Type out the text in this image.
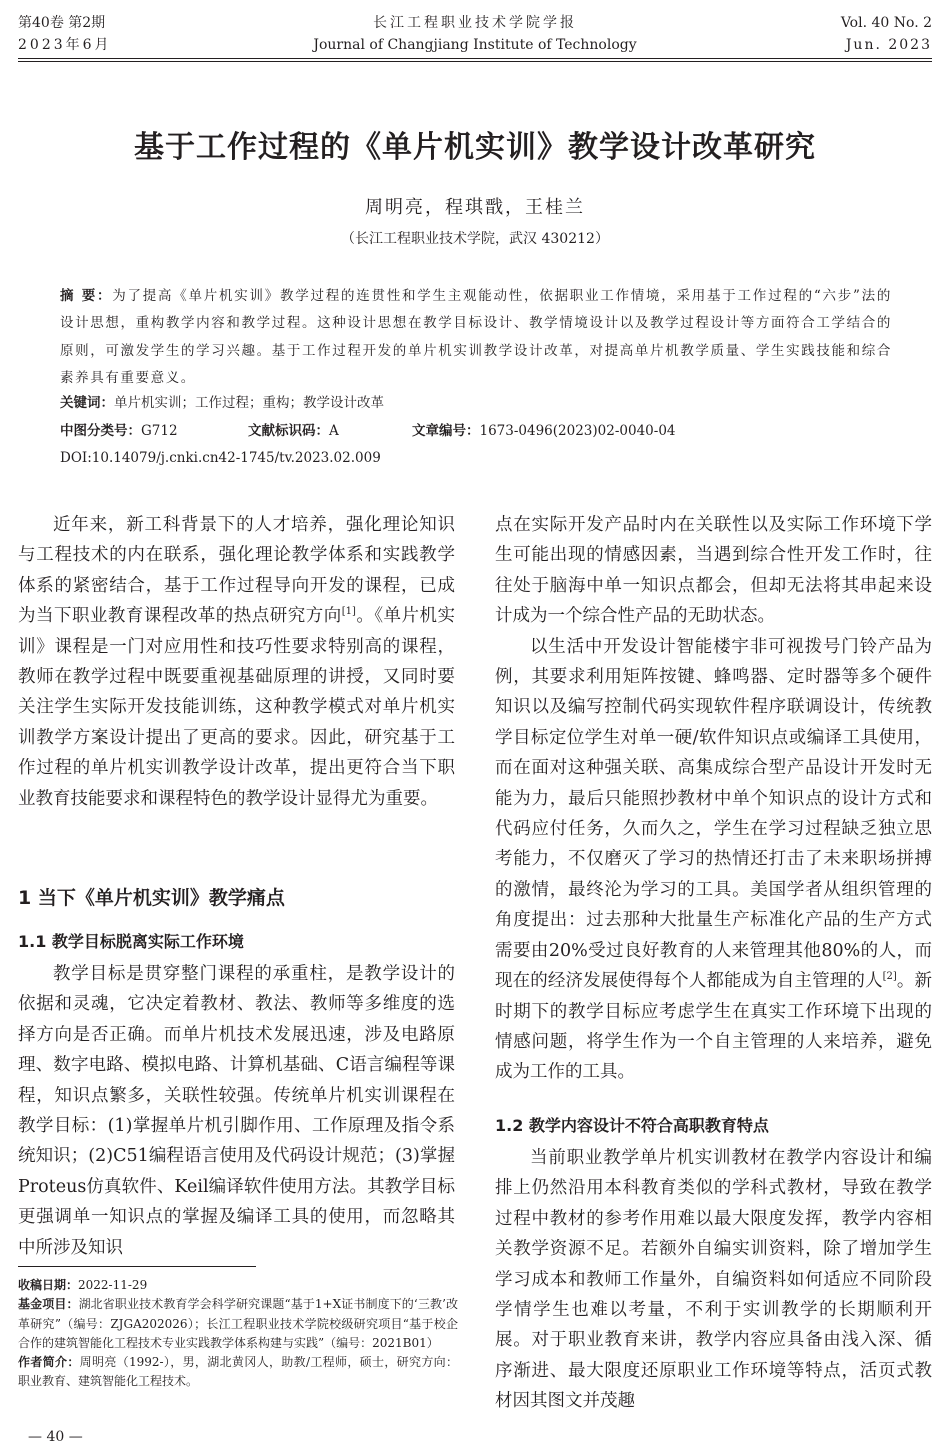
第40卷 第2期
2023年6月
长江工程职业技术学院学报
Journal of Changjiang Institute of Technology
Vol. 40 No. 2
Jun. 2023
基于工作过程的《单片机实训》教学设计改革研究
周明亮，程琪戬，王桂兰
（长江工程职业技术学院，武汉 430212）
摘 要：为了提高《单片机实训》教学过程的连贯性和学生主观能动性，依据职业工作情境，采用基于工作过程的“六步”法的设计思想，重构教学内容和教学过程。这种设计思想在教学目标设计、教学情境设计以及教学过程设计等方面符合工学结合的原则，可激发学生的学习兴趣。基于工作过程开发的单片机实训教学设计改革，对提高单片机教学质量、学生实践技能和综合素养具有重要意义。
关键词：单片机实训；工作过程；重构；教学设计改革
中图分类号：G712	文献标识码：A	文章编号：1673-0496(2023)02-0040-04
DOI:10.14079/j.cnki.cn42-1745/tv.2023.02.009

近年来，新工科背景下的人才培养，强化理论知识与工程技术的内在联系，强化理论教学体系和实践教学体系的紧密结合，基于工作过程导向开发的课程，已成为当下职业教育课程改革的热点研究方向[1]。《单片机实训》课程是一门对应用性和技巧性要求特别高的课程，教师在教学过程中既要重视基础原理的讲授，又同时要关注学生实际开发技能训练，这种教学模式对单片机实训教学方案设计提出了更高的要求。因此，研究基于工作过程的单片机实训教学设计改革，提出更符合当下职业教育技能要求和课程特色的教学设计显得尤为重要。

1 当下《单片机实训》教学痛点
1.1 教学目标脱离实际工作环境

教学目标是贯穿整门课程的承重柱，是教学设计的依据和灵魂，它决定着教材、教法、教师等多维度的选择方向是否正确。而单片机技术发展迅速，涉及电路原理、数字电路、模拟电路、计算机基础、C语言编程等课程，知识点繁多，关联性较强。传统单片机实训课程在教学目标：(1)掌握单片机引脚作用、工作原理及指令系统知识；(2)C51编程语言使用及代码设计规范；(3)掌握Proteus仿真软件、Keil编译软件使用方法。其教学目标更强调单一知识点的掌握及编译工具的使用，而忽略其中所涉及知识

收稿日期：2022-11-29

基金项目：湖北省职业技术教育学会科学研究课题“基于1+X证书制度下的‘三教’改革研究”（编号：ZJGA202026）；长江工程职业技术学院校级研究项目“基于校企合作的建筑智能化工程技术专业实践教学体系构建与实践”（编号：2021B01）

作者简介：周明亮（1992-），男，湖北黄冈人，助教/工程师，硕士，研究方向：职业教育、建筑智能化工程技术。

— 40 —

点在实际开发产品时内在关联性以及实际工作环境下学生可能出现的情感因素，当遇到综合性开发工作时，往往处于脑海中单一知识点都会，但却无法将其串起来设计成为一个综合性产品的无助状态。

以生活中开发设计智能楼宇非可视拨号门铃产品为例，其要求利用矩阵按键、蜂鸣器、定时器等多个硬件知识以及编写控制代码实现软件程序联调设计，传统教学目标定位学生对单一硬/软件知识点或编译工具使用，而在面对这种强关联、高集成综合型产品设计开发时无能为力，最后只能照抄教材中单个知识点的设计方式和代码应付任务，久而久之，学生在学习过程缺乏独立思考能力，不仅磨灭了学习的热情还打击了未来职场拼搏的激情，最终沦为学习的工具。美国学者从组织管理的角度提出：过去那种大批量生产标准化产品的生产方式需要由20%受过良好教育的人来管理其他80%的人，而现在的经济发展使得每个人都能成为自主管理的人[2]。新时期下的教学目标应考虑学生在真实工作环境下出现的情感问题，将学生作为一个自主管理的人来培养，避免成为工作的工具。

1.2 教学内容设计不符合高职教育特点

当前职业教学单片机实训教材在教学内容设计和编排上仍然沿用本科教育类似的学科式教材，导致在教学过程中教材的参考作用难以最大限度发挥，教学内容相关教学资源不足。若额外自编实训资料，除了增加学生学习成本和教师工作量外，自编资料如何适应不同阶段学情学生也难以考量，不利于实训教学的长期顺利开展。对于职业教育来讲，教学内容应具备由浅入深、循序渐进、最大限度还原职业工作环境等特点，活页式教材因其图文并茂趣
